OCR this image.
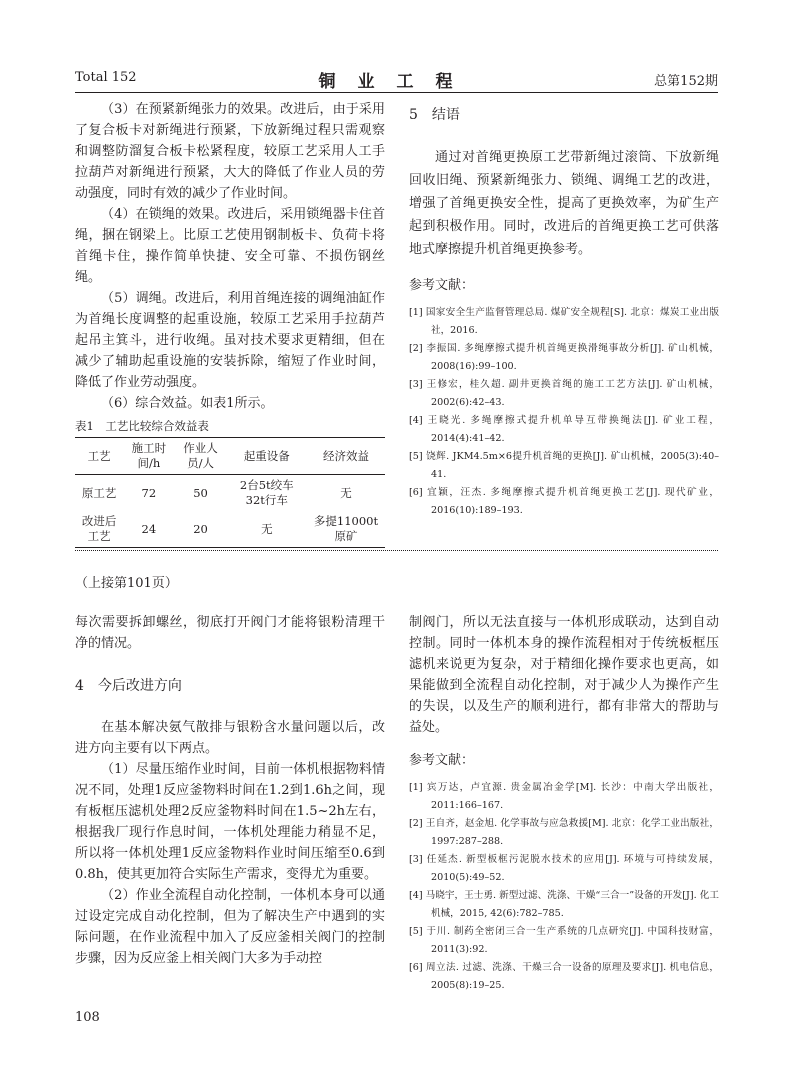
Total 152	铜业工程	总第152期

（3）在预紧新绳张力的效果。改进后，由于采用了复合板卡对新绳进行预紧，下放新绳过程只需观察和调整防溜复合板卡松紧程度，较原工艺采用人工手拉葫芦对新绳进行预紧，大大的降低了作业人员的劳动强度，同时有效的减少了作业时间。

（4）在锁绳的效果。改进后，采用锁绳器卡住首绳，捆在钢梁上。比原工艺使用钢制板卡、负荷卡将首绳卡住，操作简单快捷、安全可靠、不损伤钢丝绳。

（5）调绳。改进后，利用首绳连接的调绳油缸作为首绳长度调整的起重设施，较原工艺采用手拉葫芦起吊主箕斗，进行收绳。虽对技术要求更精细，但在减少了辅助起重设施的安装拆除，缩短了作业时间，降低了作业劳动强度。

（6）综合效益。如表1所示。

表1　工艺比较综合效益表

工艺	施工时间/h	作业人员/人	起重设备	经济效益
原工艺	72	50	2台5t绞车 32t行车	无
改进后工艺	24	20	无	多提11000t原矿

5　结语

通过对首绳更换原工艺带新绳过滚筒、下放新绳回收旧绳、预紧新绳张力、锁绳、调绳工艺的改进，增强了首绳更换安全性，提高了更换效率，为矿生产起到积极作用。同时，改进后的首绳更换工艺可供落地式摩擦提升机首绳更换参考。

参考文献：

[1] 国家安全生产监督管理总局. 煤矿安全规程[S]. 北京：煤炭工业出版社，2016.
[2] 李振国. 多绳摩擦式提升机首绳更换滑绳事故分析[J]. 矿山机械，2008(16):99–100.
[3] 王修宏，桂久超. 副井更换首绳的施工工艺方法[J]. 矿山机械，2002(6):42–43.
[4] 王晓光. 多绳摩擦式提升机单导互带换绳法[J]. 矿业工程，2014(4):41–42.
[5] 饶辉. JKM4.5m×6提升机首绳的更换[J]. 矿山机械，2005(3):40–41.
[6] 宜颖，汪杰. 多绳摩擦式提升机首绳更换工艺[J]. 现代矿业，2016(10):189–193.
（上接第101页）

每次需要拆卸螺丝，彻底打开阀门才能将银粉清理干净的情况。

4　今后改进方向

在基本解决氨气散排与银粉含水量问题以后，改进方向主要有以下两点。

（1）尽量压缩作业时间，目前一体机根据物料情况不同，处理1反应釜物料时间在1.2到1.6h之间，现有板框压滤机处理2反应釜物料时间在1.5~2h左右，根据我厂现行作息时间，一体机处理能力稍显不足，所以将一体机处理1反应釜物料作业时间压缩至0.6到0.8h，使其更加符合实际生产需求，变得尤为重要。

（2）作业全流程自动化控制，一体机本身可以通过设定完成自动化控制，但为了解决生产中遇到的实际问题，在作业流程中加入了反应釜相关阀门的控制步骤，因为反应釜上相关阀门大多为手动控

制阀门，所以无法直接与一体机形成联动，达到自动控制。同时一体机本身的操作流程相对于传统板框压滤机来说更为复杂，对于精细化操作要求也更高，如果能做到全流程自动化控制，对于减少人为操作产生的失误，以及生产的顺利进行，都有非常大的帮助与益处。

参考文献：

[1] 宾万达，卢宜源. 贵金属冶金学[M]. 长沙：中南大学出版社，2011:166–167.
[2] 王自齐，赵金旭. 化学事故与应急救援[M]. 北京：化学工业出版社，1997:287–288.
[3] 任延杰. 新型板框污泥脱水技术的应用[J]. 环境与可持续发展，2010(5):49–52.
[4] 马晓宇，王士勇. 新型过滤、洗涤、干燥“三合一”设备的开发[J]. 化工机械，2015, 42(6):782–785.
[5] 于川. 制药全密闭三合一生产系统的几点研究[J]. 中国科技财富，2011(3):92.
[6] 周立法. 过滤、洗涤、干燥三合一设备的原理及要求[J]. 机电信息，2005(8):19–25.
108
